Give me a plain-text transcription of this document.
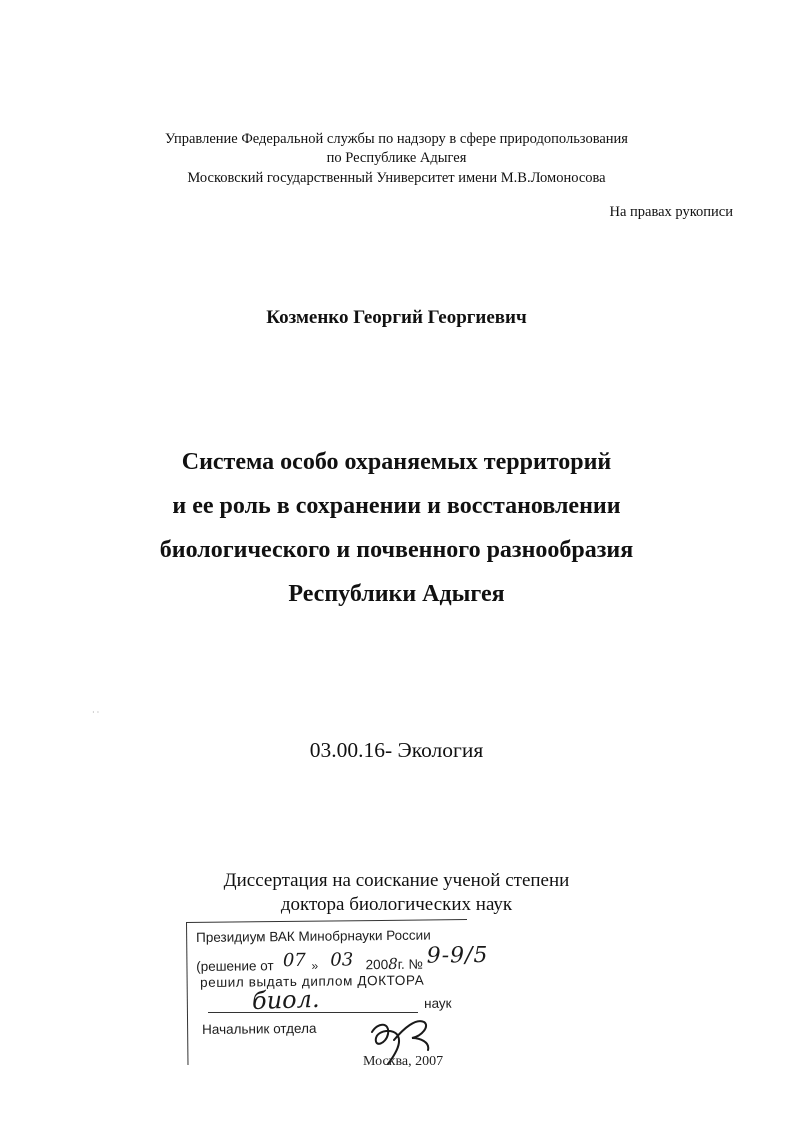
Управление Федеральной службы по надзору в сфере природопользования
по Республике Адыгея
Московский государственный Университет имени М.В.Ломоносова
На правах рукописи
Козменко Георгий Георгиевич
Система особо охраняемых территорий
и ее роль в сохранении и восстановлении
биологического и почвенного разнообразия
Республики Адыгея
· ·
03.00.16- Экология
Диссертация на соискание ученой степени
доктора биологических наук
Президиум ВАК Минобрнауки России
(решение от 07 » 03 2008г. № 9-9/5
решил выдать диплом ДОКТОРА
биол.	наук
Начальник отдела
Москва, 2007
